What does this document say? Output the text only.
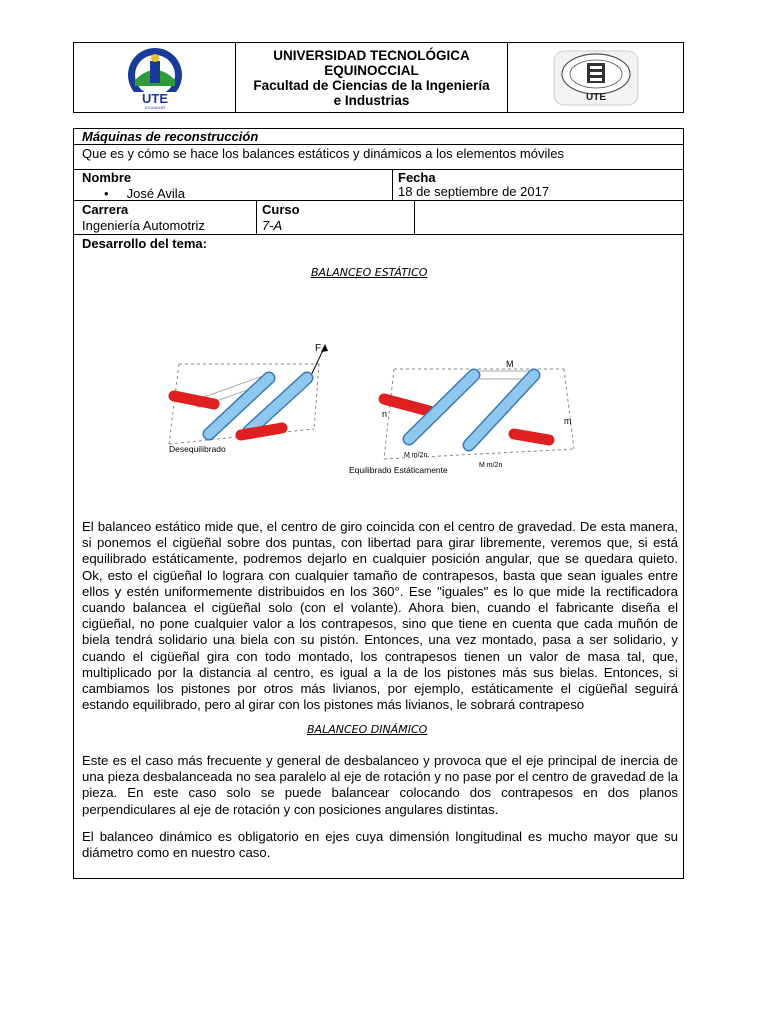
UTE
ECUADOR
UNIVERSIDAD TECNOLÓGICA
EQUINOCCIAL
Facultad de Ciencias de la Ingeniería
e Industrias	UTE
Máquinas de reconstrucción
Que es y cómo se hace los balances estáticos y dinámicos a los elementos móviles
Nombre
• José Avila
Fecha
18 de septiembre de 2017
Carrera
Ingeniería Automotriz
Curso
7-A
Desarrollo del tema:
BALANCEO ESTÁTICO
F
Desequilibrado
M
n
M
n
m
M m/2n
M m/2n
Equilibrado Estáticamente
El balanceo estático mide que, el centro de giro coincida con el centro de gravedad. De esta manera, si ponemos el cigüeñal sobre dos puntas, con libertad para girar libremente, veremos que, si está equilibrado estáticamente, podremos dejarlo en cualquier posición angular, que se quedara quieto. Ok, esto el cigüeñal lo lograra con cualquier tamaño de contrapesos, basta que sean iguales entre ellos y estén uniformemente distribuidos en los 360°. Ese "iguales" es lo que mide la rectificadora cuando balancea el cigüeñal solo (con el volante). Ahora bien, cuando el fabricante diseña el cigüeñal, no pone cualquier valor a los contrapesos, sino que tiene en cuenta que cada muñón de biela tendrá solidario una biela con su pistón. Entonces, una vez montado, pasa a ser solidario, y cuando el cigüeñal gira con todo montado, los contrapesos tienen un valor de masa tal, que, multiplicado por la distancia al centro, es igual a la de los pistones más sus bielas. Entonces, si cambiamos los pistones por otros más livianos, por ejemplo, estáticamente el cigüeñal seguirá estando equilibrado, pero al girar con los pistones más livianos, le sobrará contrapeso
BALANCEO DINÁMICO
Este es el caso más frecuente y general de desbalanceo y provoca que el eje principal de inercia de una pieza desbalanceada no sea paralelo al eje de rotación y no pase por el centro de gravedad de la pieza. En este caso solo se puede balancear colocando dos contrapesos en dos planos perpendiculares al eje de rotación y con posiciones angulares distintas.
El balanceo dinámico es obligatorio en ejes cuya dimensión longitudinal es mucho mayor que su diámetro como en nuestro caso.
